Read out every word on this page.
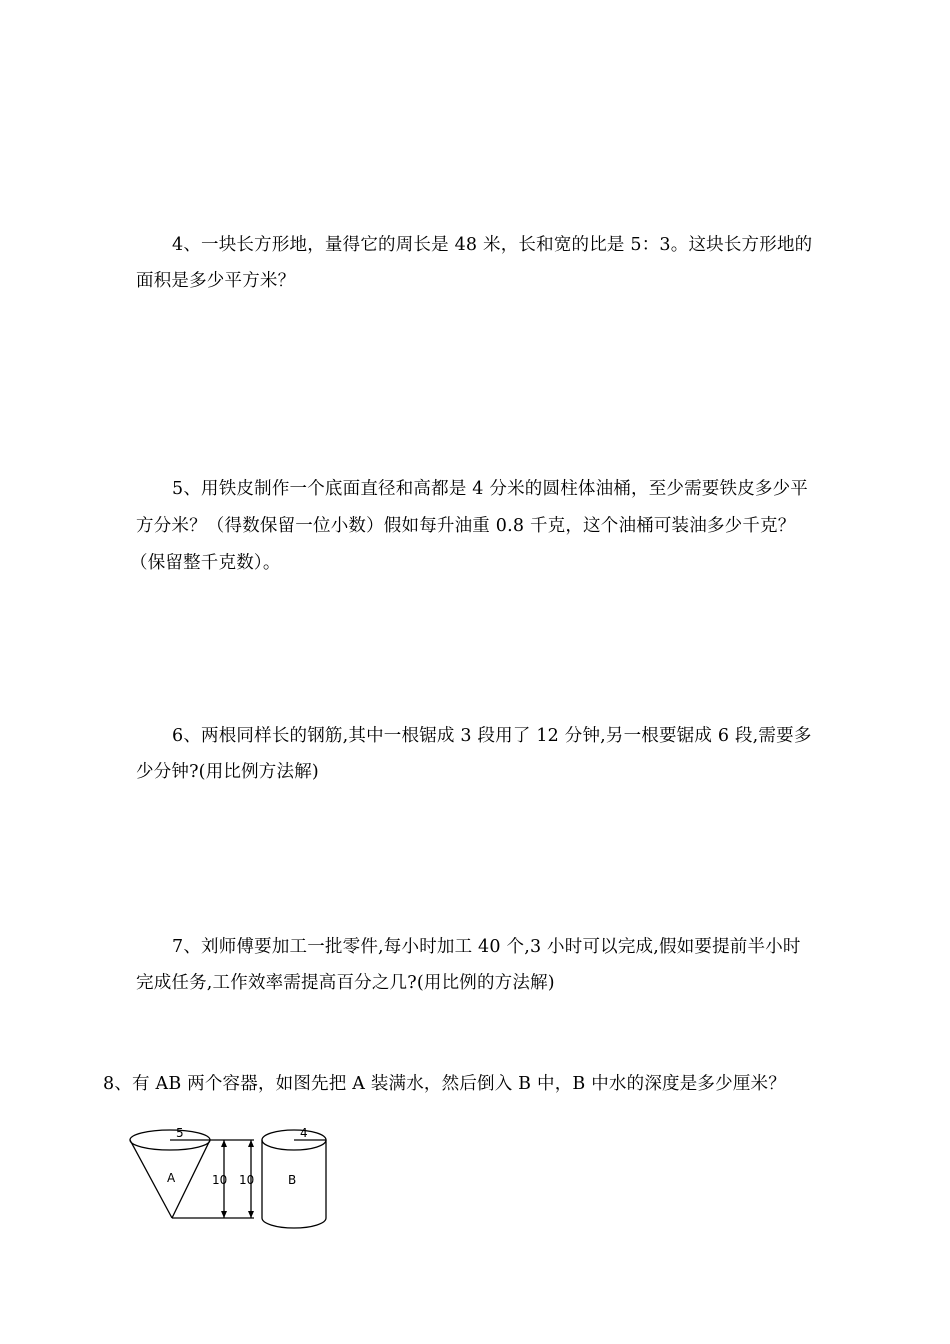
4、一块长方形地，量得它的周长是 48 米，长和宽的比是 5：3。这块长方形地的
面积是多少平方米？
5、用铁皮制作一个底面直径和高都是 4 分米的圆柱体油桶，至少需要铁皮多少平
方分米？（得数保留一位小数）假如每升油重 0.8 千克，这个油桶可装油多少千克？
（保留整千克数）。
6、两根同样长的钢筋,其中一根锯成 3 段用了 12 分钟,另一根要锯成 6 段,需要多
少分钟?(用比例方法解)
7、刘师傅要加工一批零件,每小时加工 40 个,3 小时可以完成,假如要提前半小时
完成任务,工作效率需提高百分之几?(用比例的方法解)
8、有 AB 两个容器，如图先把 A 装满水，然后倒入 B 中，B 中水的深度是多少厘米？
5
A	10 10
4
B
